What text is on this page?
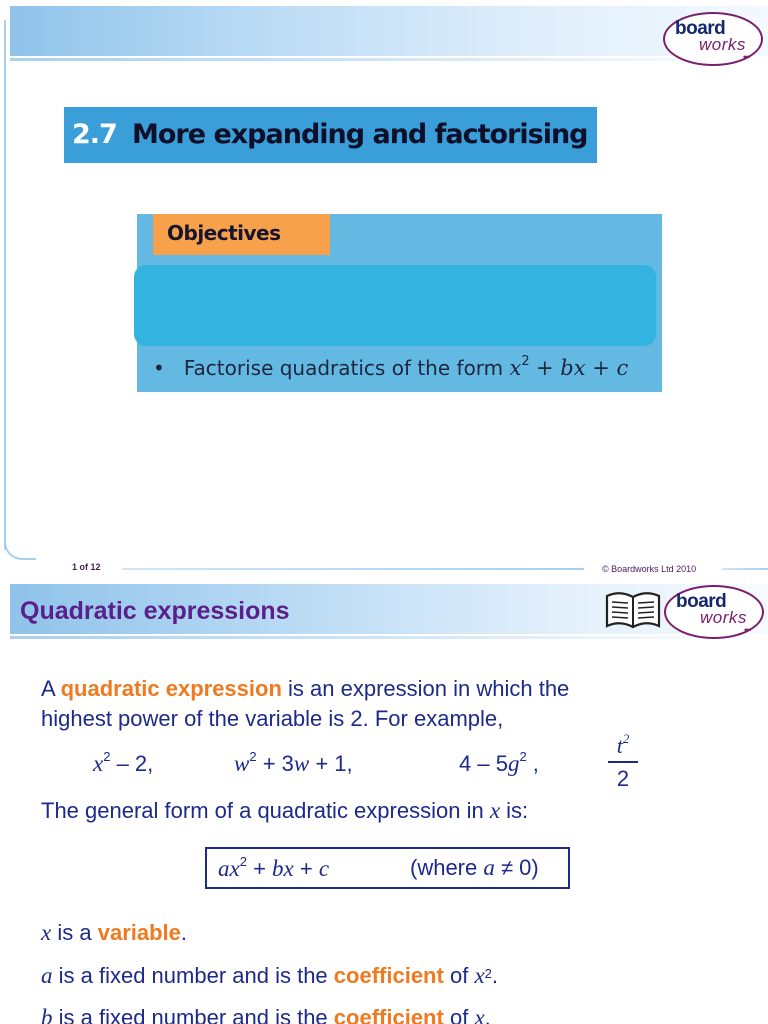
board
works
•••
2.7 More expanding and factorising
Objectives
• Factorise quadratics of the form $x^2$ + bx + c
1 of 12	© Boardworks Ltd 2010
Quadratic expressions	board
works
•••
A quadratic expression is an expression in which the
highest power of the variable is 2. For example,
$x^2 - 2$,	$w^2 + 3w + 1$,	$4 - 5g^2$ ,
$t^2$
2
The general form of a quadratic expression in x is:
$ax^2$ + bx + c	(where a ≠ 0)
x is a variable.
a is a fixed number and is the coefficient of $x^2$.
b is a fixed number and is the coefficient of x.
